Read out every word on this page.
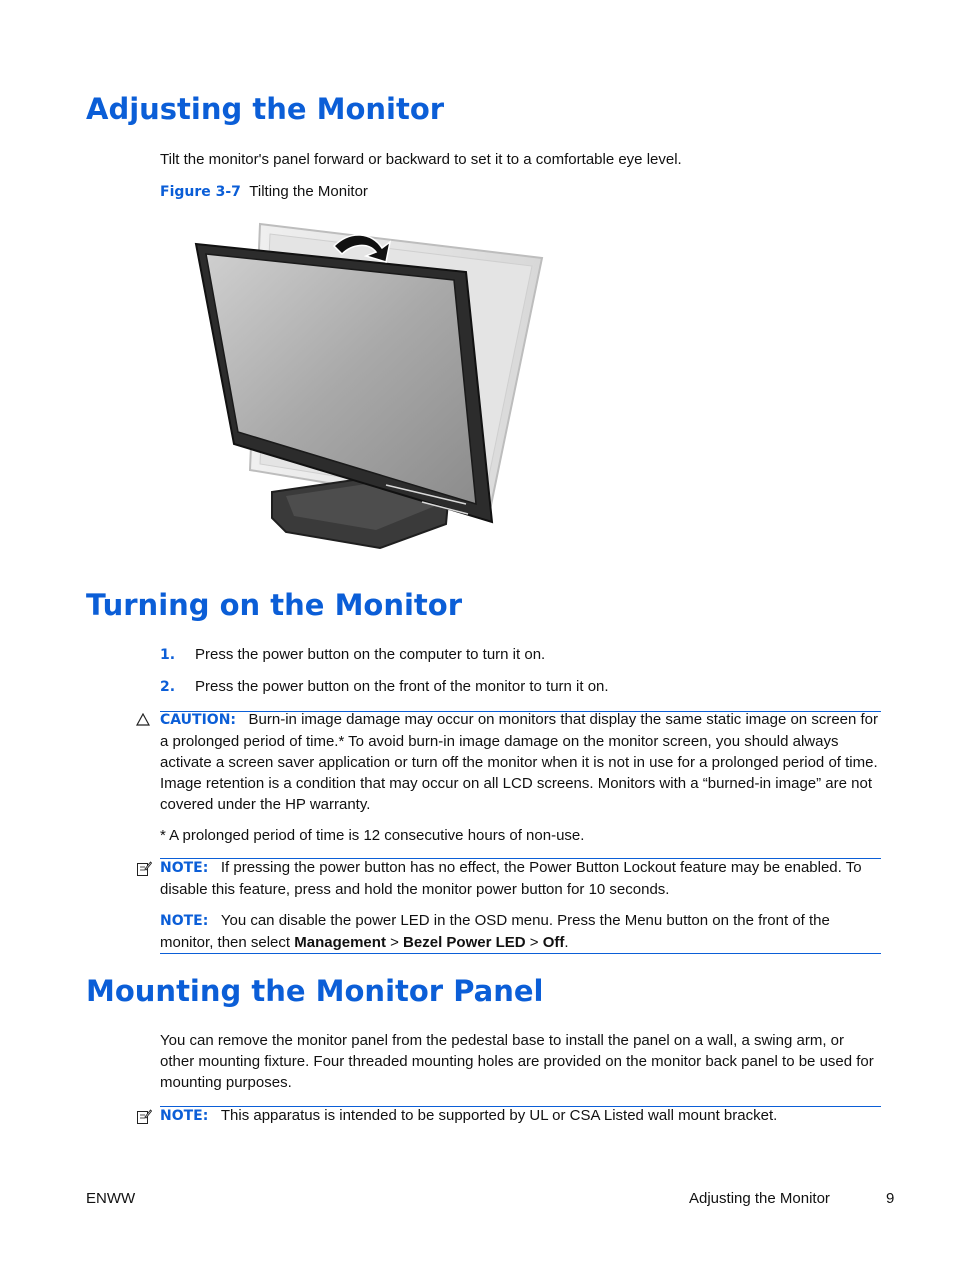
Adjusting the Monitor

Tilt the monitor's panel forward or backward to set it to a comfortable eye level.

Figure 3-7 Tilting the Monitor
Turning on the Monitor
1. Press the power button on the computer to turn it on.
2. Press the power button on the front of the monitor to turn it on.

CAUTION: Burn-in image damage may occur on monitors that display the same static image on screen for a prolonged period of time.* To avoid burn-in image damage on the monitor screen, you should always activate a screen saver application or turn off the monitor when it is not in use for a prolonged period of time. Image retention is a condition that may occur on all LCD screens. Monitors with a “burned-in image” are not covered under the HP warranty.

* A prolonged period of time is 12 consecutive hours of non-use.

NOTE: If pressing the power button has no effect, the Power Button Lockout feature may be enabled. To disable this feature, press and hold the monitor power button for 10 seconds.

NOTE: You can disable the power LED in the OSD menu. Press the Menu button on the front of the monitor, then select Management > Bezel Power LED > Off.

Mounting the Monitor Panel

You can remove the monitor panel from the pedestal base to install the panel on a wall, a swing arm, or other mounting fixture. Four threaded mounting holes are provided on the monitor back panel to be used for mounting purposes.

NOTE: This apparatus is intended to be supported by UL or CSA Listed wall mount bracket.

ENWW	Adjusting the Monitor	9
